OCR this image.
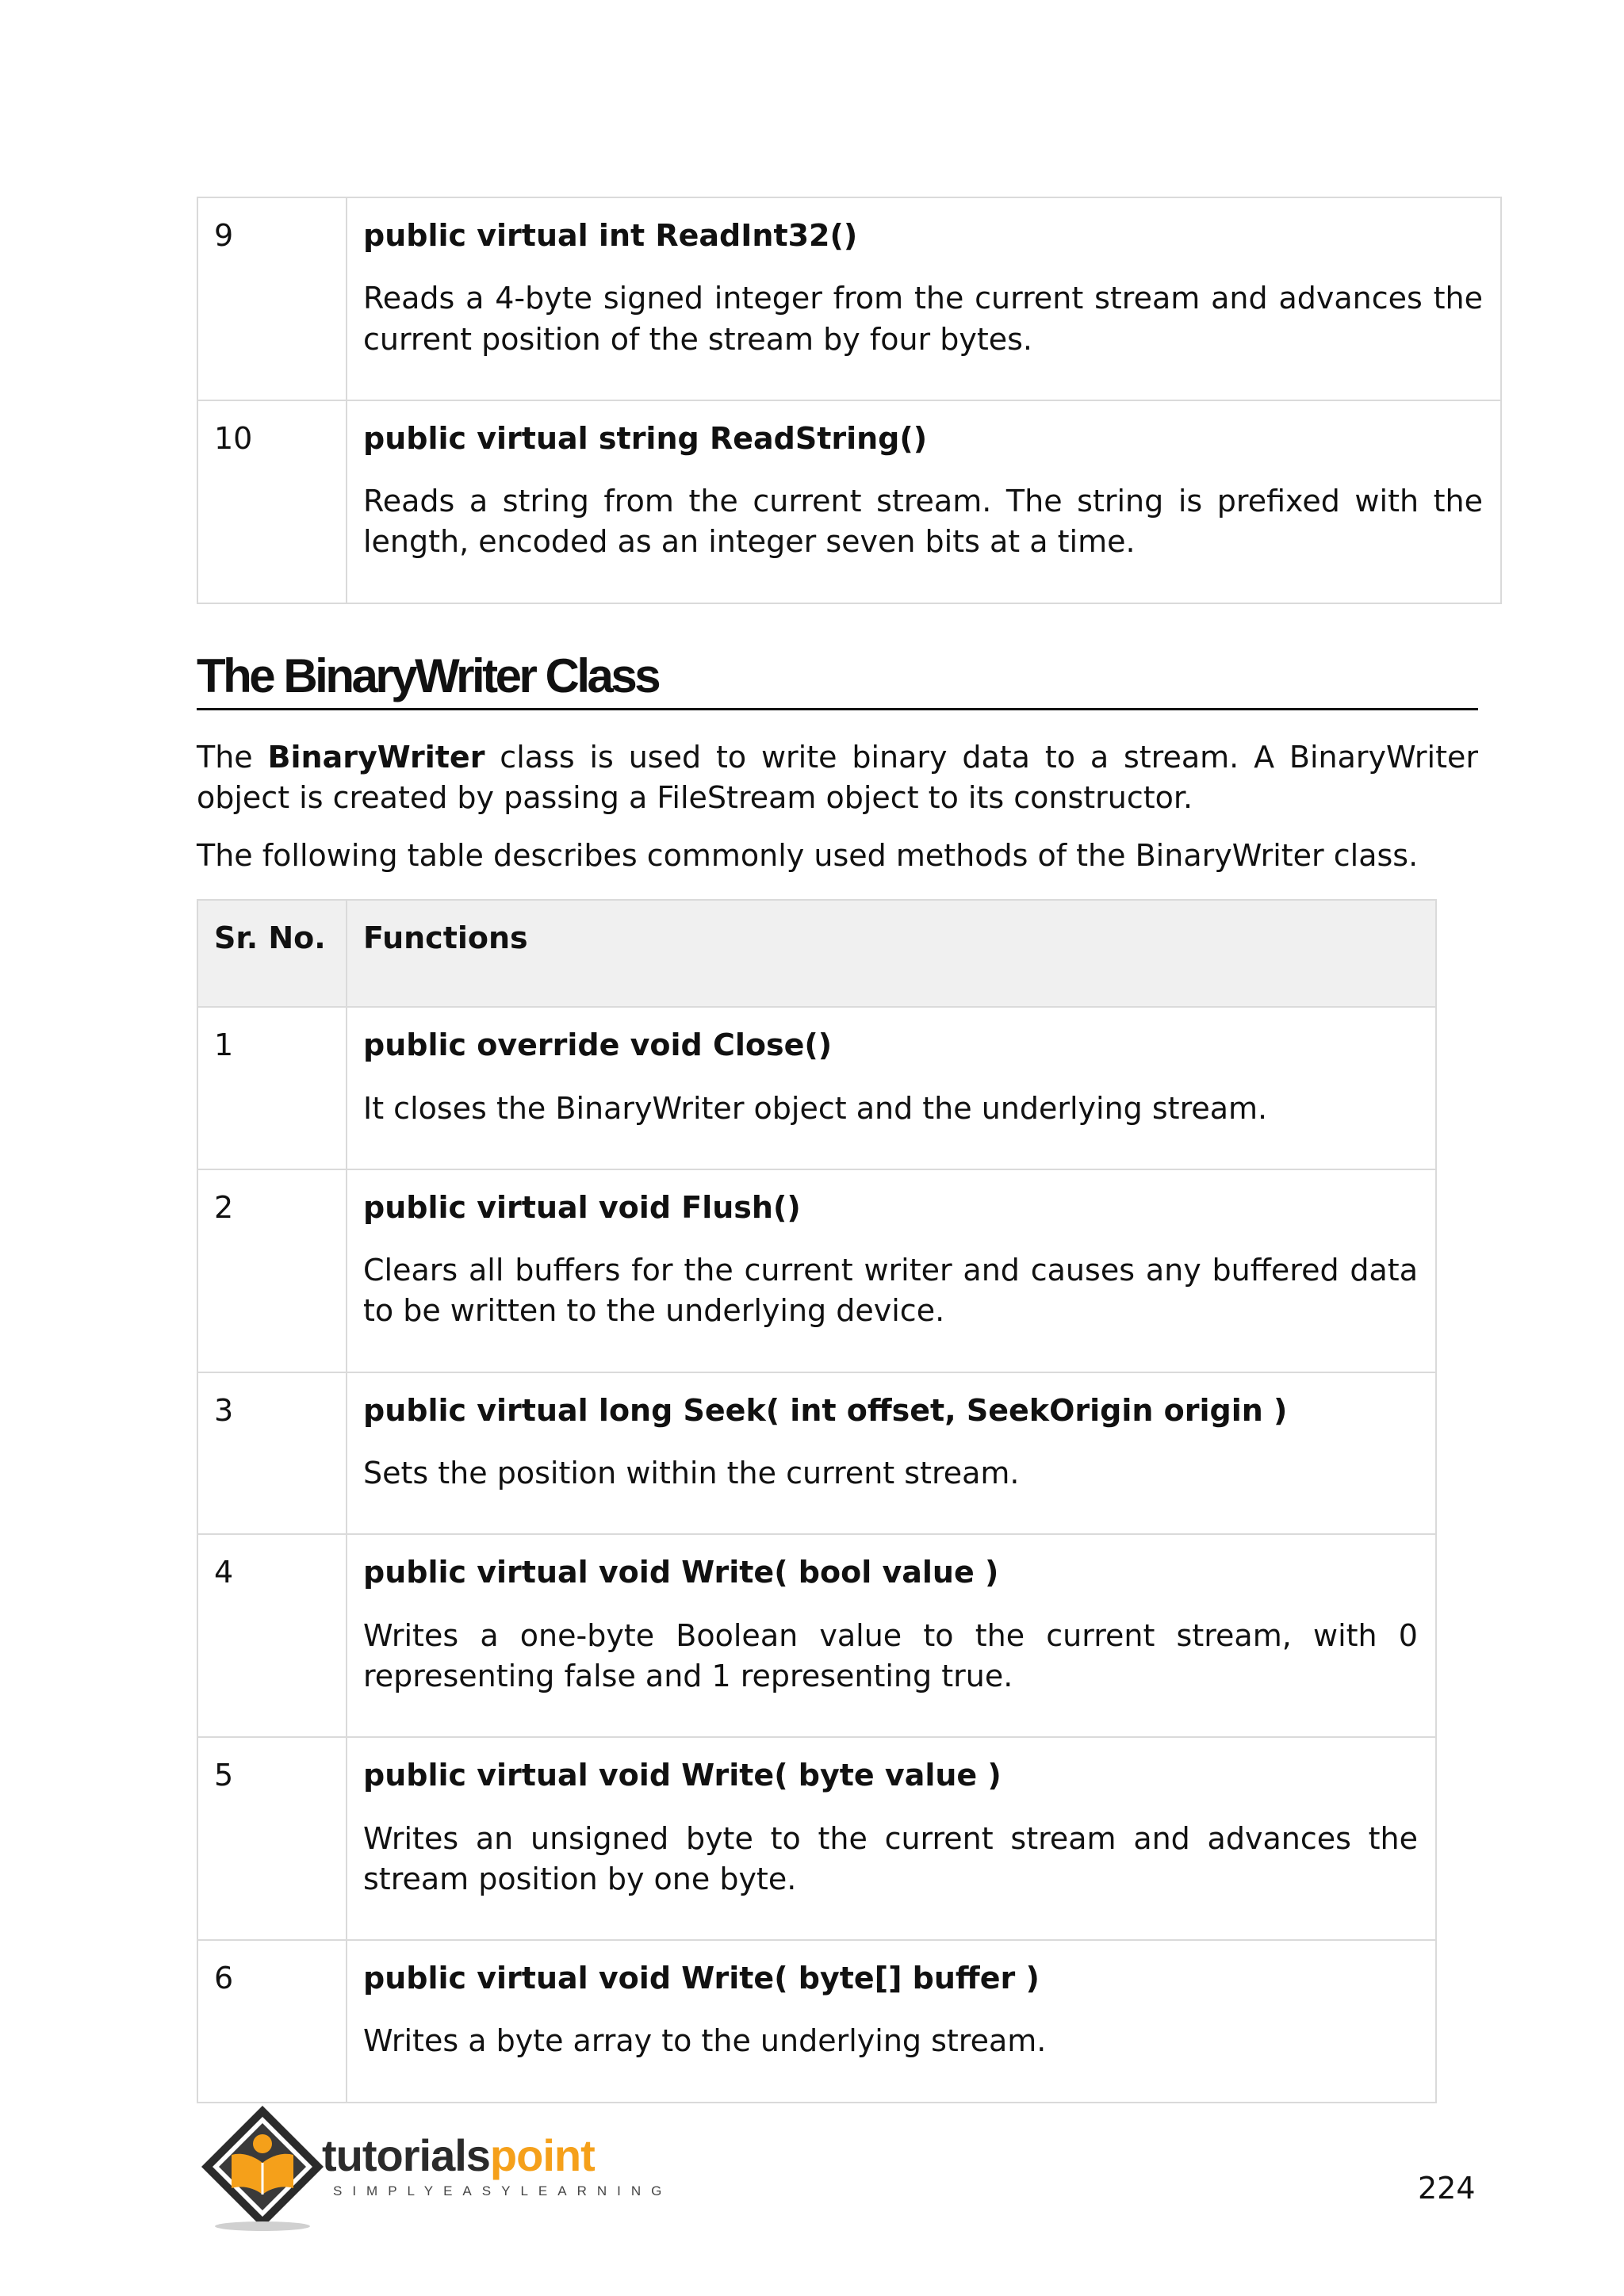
9	public virtual int ReadInt32()
Reads a 4-byte signed integer from the current stream and advances the current position of the stream by four bytes.

10	public virtual string ReadString()
Reads a string from the current stream. The string is prefixed with the length, encoded as an integer seven bits at a time.
The BinaryWriter Class

The BinaryWriter class is used to write binary data to a stream. A BinaryWriter object is created by passing a FileStream object to its constructor.

The following table describes commonly used methods of the BinaryWriter class.

Sr. No.	Functions
1	public override void Close()
It closes the BinaryWriter object and the underlying stream.

2	public virtual void Flush()
Clears all buffers for the current writer and causes any buffered data to be written to the underlying device.

3	public virtual long Seek( int offset, SeekOrigin origin )
Sets the position within the current stream.

4	public virtual void Write( bool value )
Writes a one-byte Boolean value to the current stream, with 0 representing false and 1 representing true.

5	public virtual void Write( byte value )
Writes an unsigned byte to the current stream and advances the stream position by one byte.

6	public virtual void Write( byte[] buffer )
Writes a byte array to the underlying stream.
tutorialspoint
SIMPLYEASYLEARNING	224
